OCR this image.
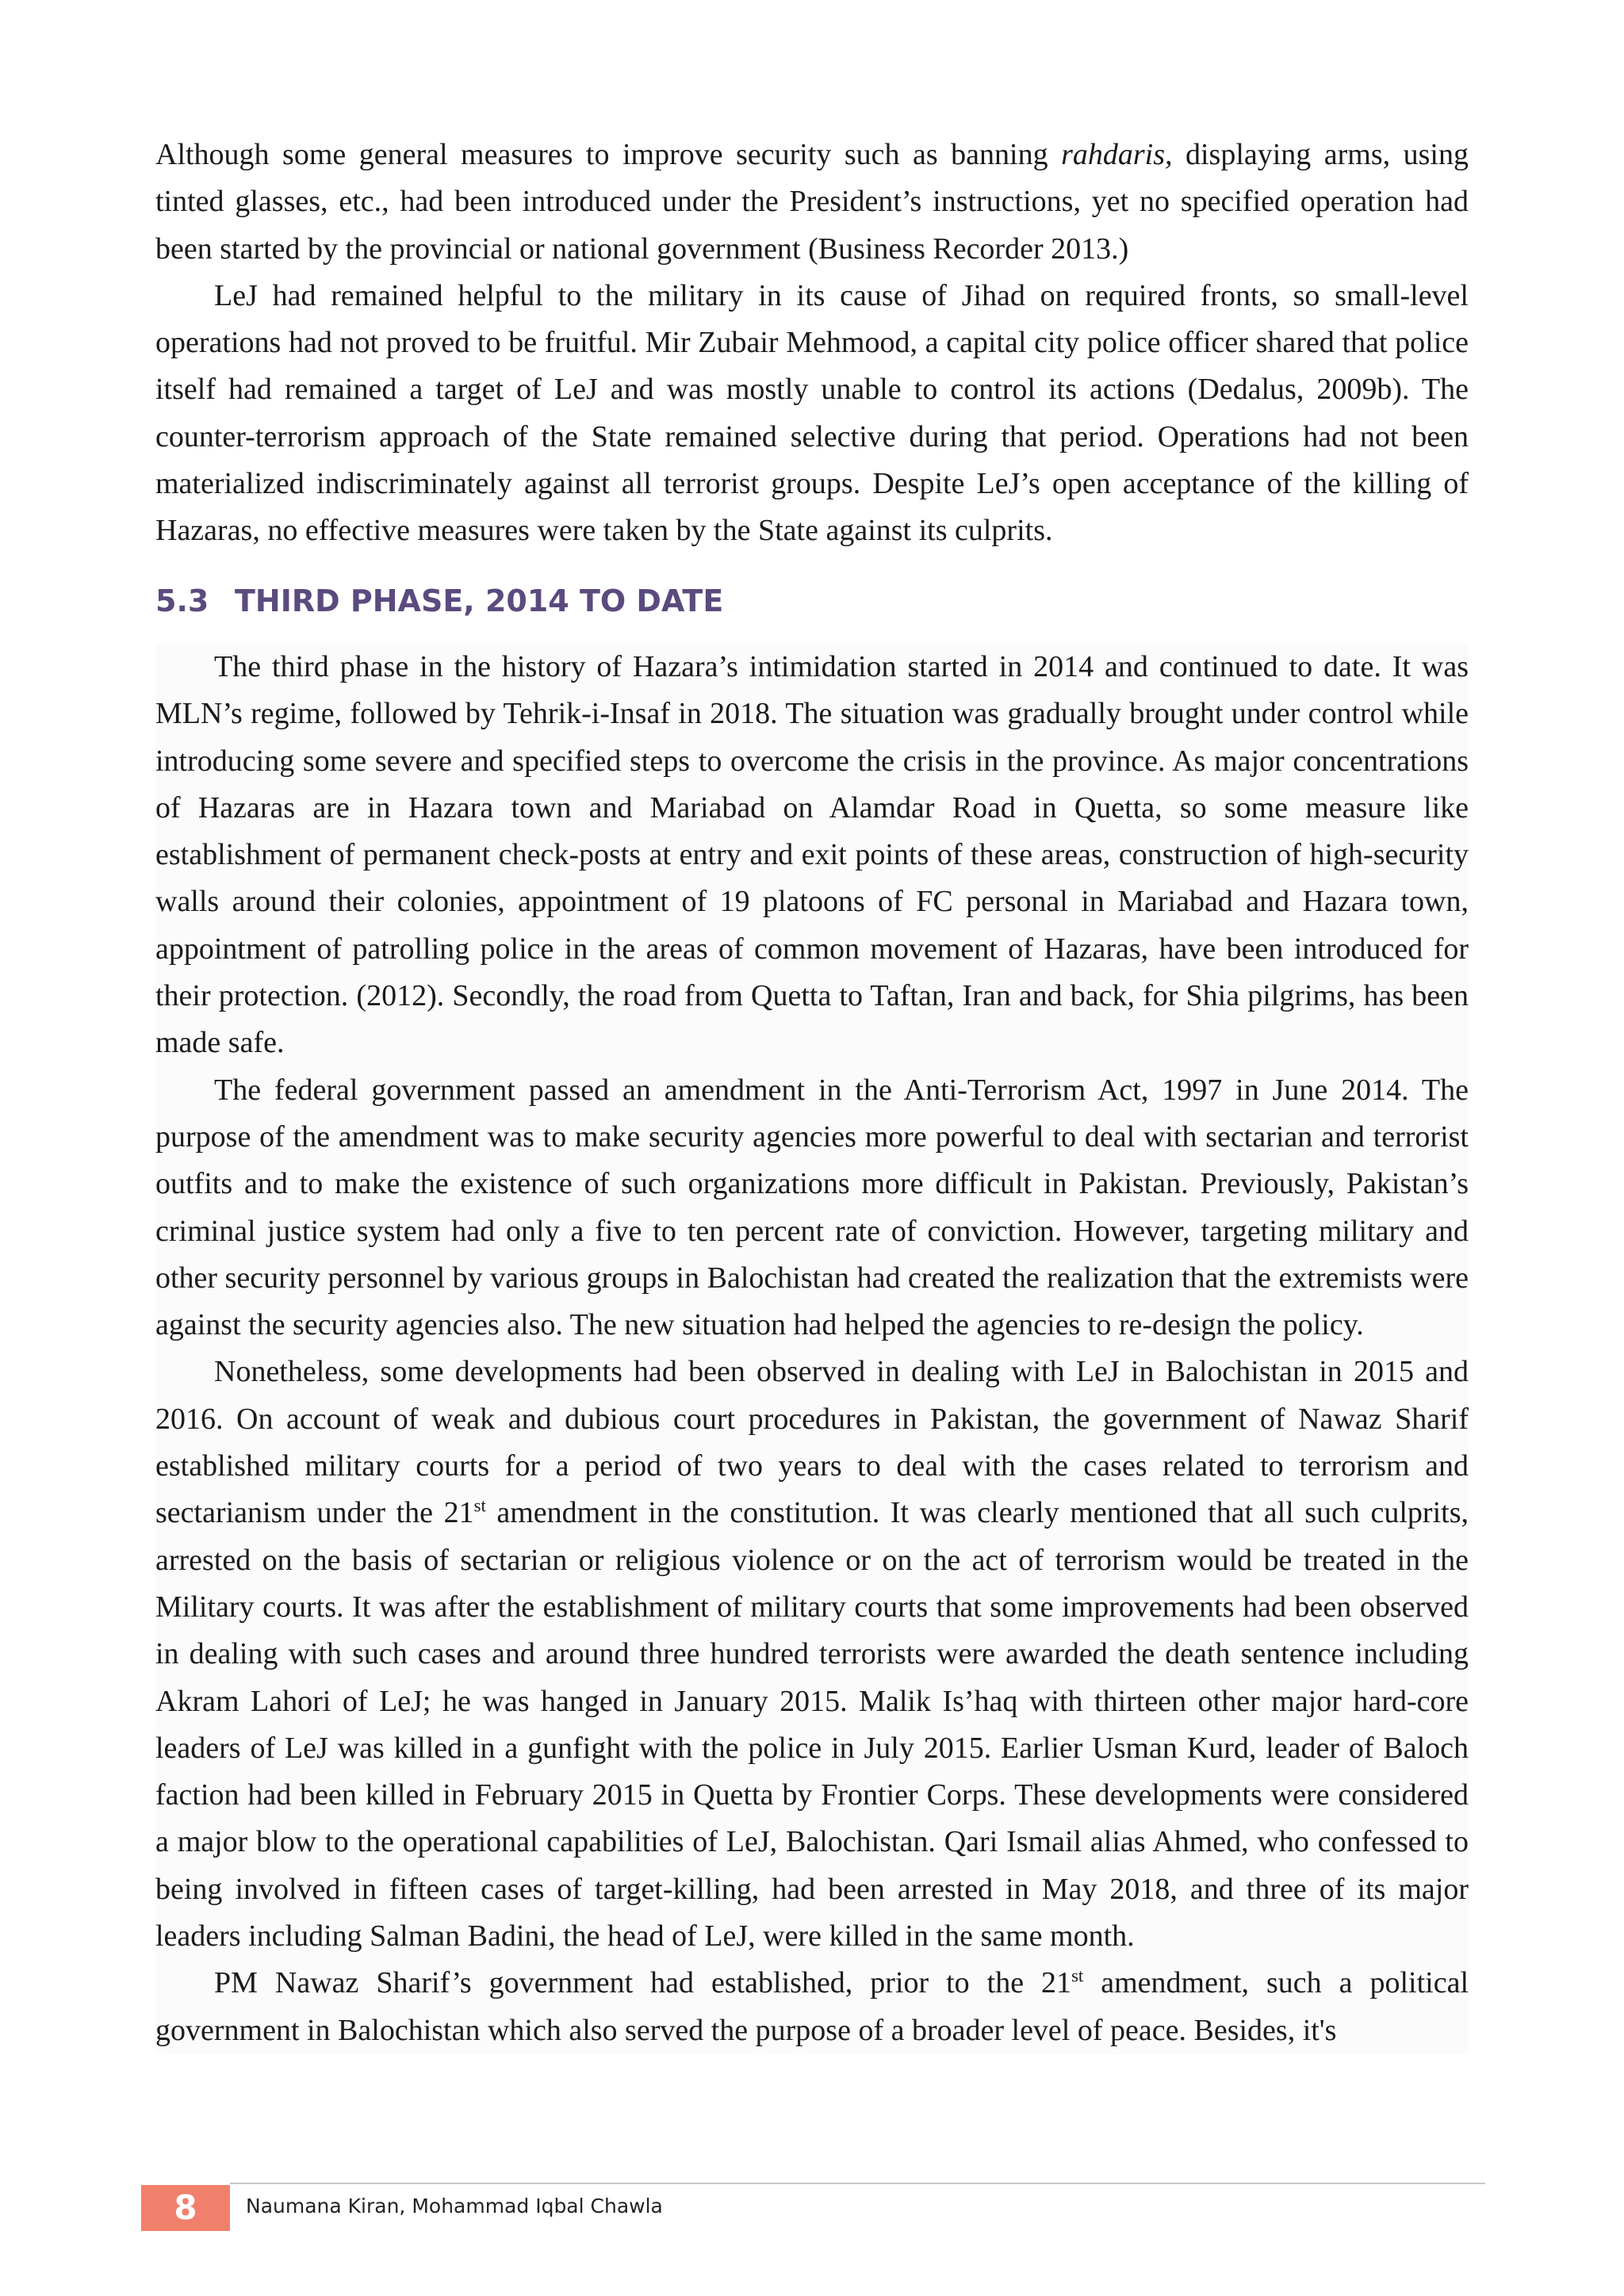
Although some general measures to improve security such as banning rahdaris, displaying arms, using tinted glasses, etc., had been introduced under the President’s instructions, yet no specified operation had been started by the provincial or national government (Business Recorder 2013.)

LeJ had remained helpful to the military in its cause of Jihad on required fronts, so small-level operations had not proved to be fruitful. Mir Zubair Mehmood, a capital city police officer shared that police itself had remained a target of LeJ and was mostly unable to control its actions (Dedalus, 2009b). The counter-terrorism approach of the State remained selective during that period. Operations had not been materialized indiscriminately against all terrorist groups. Despite LeJ’s open acceptance of the killing of Hazaras, no effective measures were taken by the State against its culprits.

5.3 THIRD PHASE, 2014 TO DATE

The third phase in the history of Hazara’s intimidation started in 2014 and continued to date. It was MLN’s regime, followed by Tehrik-i-Insaf in 2018. The situation was gradually brought under control while introducing some severe and specified steps to overcome the crisis in the province. As major concentrations of Hazaras are in Hazara town and Mariabad on Alamdar Road in Quetta, so some measure like establishment of permanent check-posts at entry and exit points of these areas, construction of high-security walls around their colonies, appointment of 19 platoons of FC personal in Mariabad and Hazara town, appointment of patrolling police in the areas of common movement of Hazaras, have been introduced for their protection. (2012). Secondly, the road from Quetta to Taftan, Iran and back, for Shia pilgrims, has been made safe.

The federal government passed an amendment in the Anti-Terrorism Act, 1997 in June 2014. The purpose of the amendment was to make security agencies more powerful to deal with sectarian and terrorist outfits and to make the existence of such organizations more difficult in Pakistan. Previously, Pakistan’s criminal justice system had only a five to ten percent rate of conviction. However, targeting military and other security personnel by various groups in Balochistan had created the realization that the extremists were against the security agencies also. The new situation had helped the agencies to re-design the policy.

Nonetheless, some developments had been observed in dealing with LeJ in Balochistan in 2015 and 2016. On account of weak and dubious court procedures in Pakistan, the government of Nawaz Sharif established military courts for a period of two years to deal with the cases related to terrorism and sectarianism under the 21st amendment in the constitution. It was clearly mentioned that all such culprits, arrested on the basis of sectarian or religious violence or on the act of terrorism would be treated in the Military courts. It was after the establishment of military courts that some improvements had been observed in dealing with such cases and around three hundred terrorists were awarded the death sentence including Akram Lahori of LeJ; he was hanged in January 2015. Malik Is’haq with thirteen other major hard-core leaders of LeJ was killed in a gunfight with the police in July 2015. Earlier Usman Kurd, leader of Baloch faction had been killed in February 2015 in Quetta by Frontier Corps. These developments were considered a major blow to the operational capabilities of LeJ, Balochistan. Qari Ismail alias Ahmed, who confessed to being involved in fifteen cases of target-killing, had been arrested in May 2018, and three of its major leaders including Salman Badini, the head of LeJ, were killed in the same month.

PM Nawaz Sharif’s government had established, prior to the 21st amendment, such a political government in Balochistan which also served the purpose of a broader level of peace. Besides, it's

8	Naumana Kiran, Mohammad Iqbal Chawla
